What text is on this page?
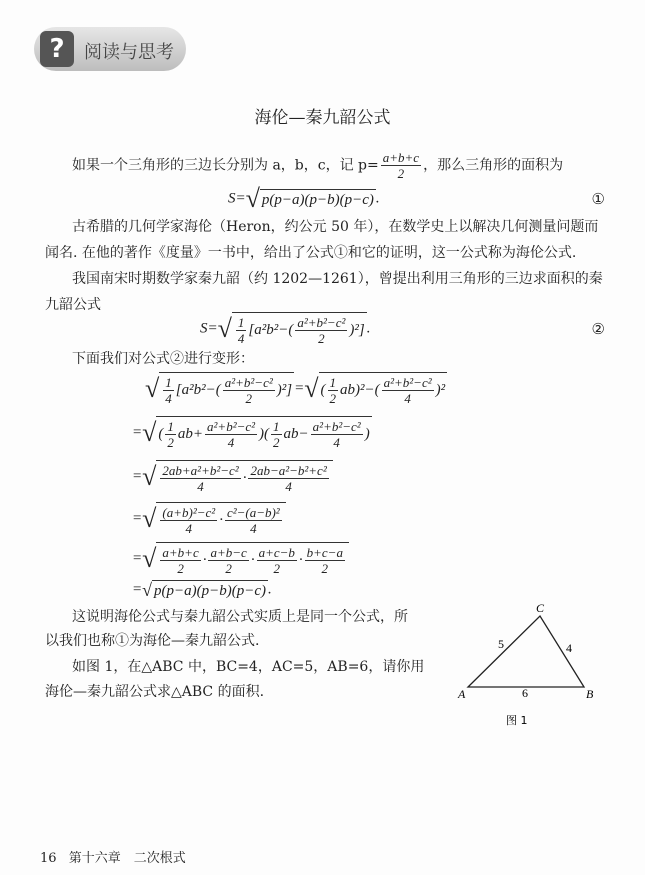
?	阅读与思考
海伦—秦九韶公式
如果一个三角形的三边长分别为 a，b，c，记 $p= \frac{a+b+c}{2}$ ，那么三角形的面积为
S= √ p(p−a)(p−b)(p−c) .	①
古希腊的几何学家海伦（Heron，约公元 50 年），在数学史上以解决几何测量问题而
闻名. 在他的著作《度量》一书中，给出了公式①和它的证明，这一公式称为海伦公式.
我国南宋时期数学家秦九韶（约 1202—1261），曾提出利用三角形的三边求面积的秦
九韶公式
S= √ $\frac{1}{4} [a^2b^2-( \frac{\text{a²+b²−c²}}{2} )^2]$ .	②
下面我们对公式②进行变形：
√ $\frac{1}{4} [a^2b^2-( \frac{\text{a²+b²−c²}}{2} )^2]$ = √ ( $\frac{1}{2} ab)^2-( \frac{\text{a²+b²−c²}}{4} )^2$
= √ ( $\frac{1}{2} ab+ \frac{\text{a²+b²−c²}}{4}$ )( $\frac{1}{2} ab- \frac{\text{a²+b²−c²}}{4}$ )
= √ $\frac{\text{2ab+a²+b²−c²}}{4} \cdot \frac{\text{2ab−a²−b²+c²}}{4}$
= √ $\frac{\text{(a+b)²−c²}}{4} \cdot \frac{\text{c²−(a−b)²}}{4}$
= √ $\frac{a+b+c}{2} \cdot \frac{a+b-c}{2} \cdot \frac{a+c-b}{2} \cdot \frac{b+c-a}{2}$
= √ p(p−a)(p−b)(p−c) .
这说明海伦公式与秦九韶公式实质上是同一个公式，所
以我们也称①为海伦—秦九韶公式.
如图 1，在△ABC 中，BC=4，AC=5，AB=6，请你用
海伦—秦九韶公式求△ABC 的面积.	A	B
C
6
4
5
图 1
16 第十六章　二次根式
